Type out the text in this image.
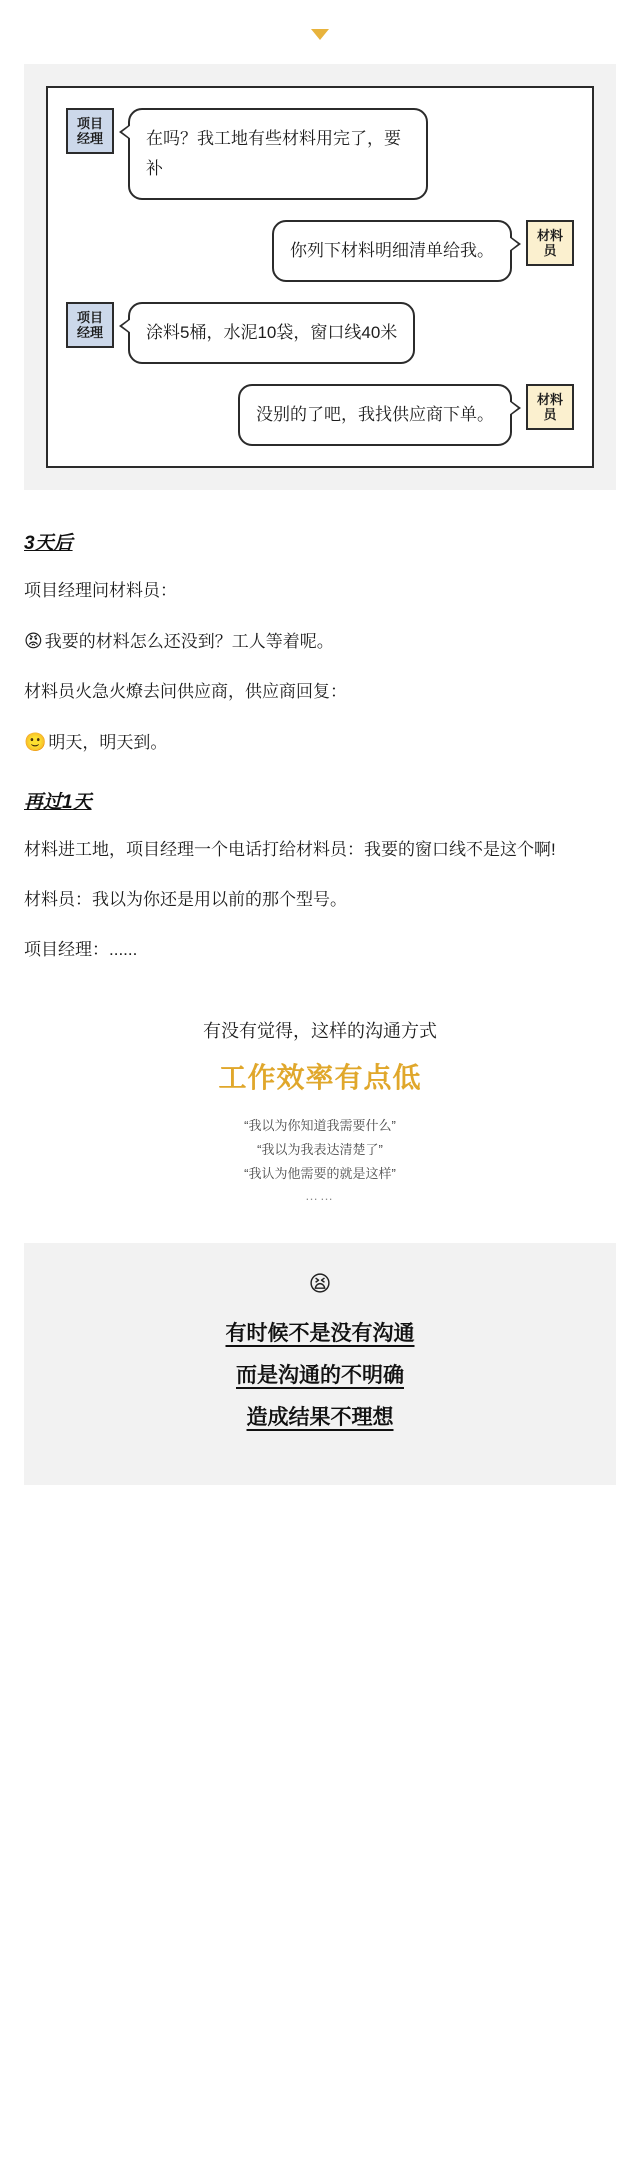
项目
经理	在吗？我工地有些材料用完了，要补
你列下材料明细清单给我。
材料
员
项目
经理	涂料5桶，水泥10袋，窗口线40米
没别的了吧，我找供应商下单。
材料
员
3天后

项目经理问材料员：

😡 我要的材料怎么还没到？工人等着呢。

材料员火急火燎去问供应商，供应商回复：

🙂 明天，明天到。

再过1天

材料进工地，项目经理一个电话打给材料员：我要的窗口线不是这个啊!

材料员：我以为你还是用以前的那个型号。

项目经理：......

有没有觉得，这样的沟通方式

工作效率有点低

“我以为你知道我需要什么”

“我以为我表达清楚了”

“我认为他需要的就是这样”

……

😫
有时候不是没有沟通
而是沟通的不明确
造成结果不理想
